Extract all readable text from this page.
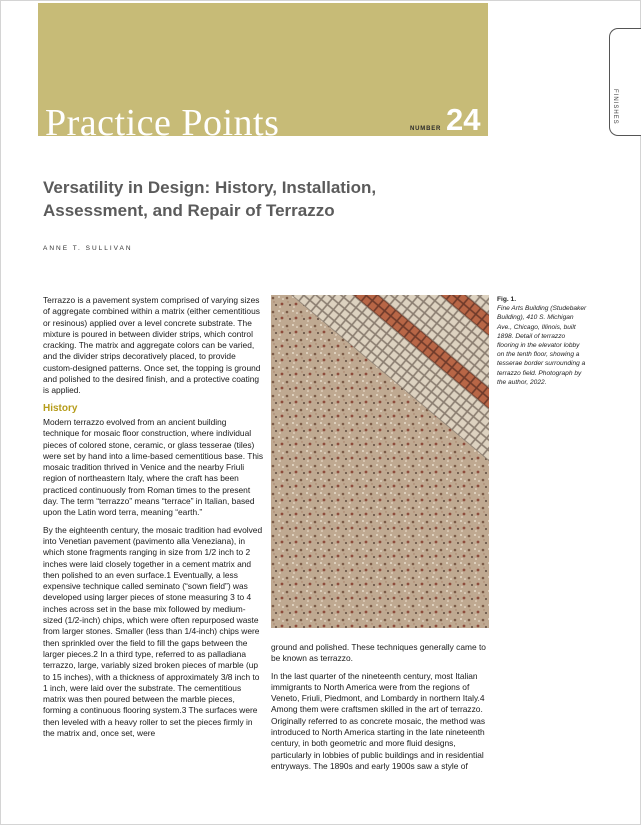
Practice Points	NUMBER 24	FINISHES
Versatility in Design: History, Installation, Assessment, and Repair of Terrazzo
ANNE T. SULLIVAN

Terrazzo is a pavement system comprised of varying sizes of aggregate combined within a matrix (either cementitious or resinous) applied over a level concrete substrate. The mixture is poured in between divider strips, which control cracking. The matrix and aggregate colors can be varied, and the divider strips decoratively placed, to provide custom-designed patterns. Once set, the topping is ground and polished to the desired finish, and a protective coating is applied.

History

Modern terrazzo evolved from an ancient building technique for mosaic floor construction, where individual pieces of colored stone, ceramic, or glass tesserae (tiles) were set by hand into a lime-based cementitious base. This mosaic tradition thrived in Venice and the nearby Friuli region of northeastern Italy, where the craft has been practiced continuously from Roman times to the present day. The term “terrazzo” means “terrace” in Italian, based upon the Latin word terra, meaning “earth.”

By the eighteenth century, the mosaic tradition had evolved into Venetian pavement (pavimento alla Veneziana), in which stone fragments ranging in size from 1/2 inch to 2 inches were laid closely together in a cement matrix and then polished to an even surface.1 Eventually, a less expensive technique called seminato (“sown field”) was developed using larger pieces of stone measuring 3 to 4 inches across set in the base mix followed by medium-sized (1/2-inch) chips, which were often repurposed waste from larger stones. Smaller (less than 1/4-inch) chips were then sprinkled over the field to fill the gaps between the larger pieces.2 In a third type, referred to as palladiana terrazzo, large, variably sized broken pieces of marble (up to 15 inches), with a thickness of approximately 3/8 inch to 1 inch, were laid over the substrate. The cementitious matrix was then poured between the marble pieces, forming a continuous flooring system.3 The surfaces were then leveled with a heavy roller to set the pieces firmly in the matrix and, once set, were

Fig. 1.
Fine Arts Building (Studebaker Building), 410 S. Michigan Ave., Chicago, Illinois, built 1898. Detail of terrazzo flooring in the elevator lobby on the tenth floor, showing a tesserae border surrounding a terrazzo field. Photograph by the author, 2022.

ground and polished. These techniques generally came to be known as terrazzo.

In the last quarter of the nineteenth century, most Italian immigrants to North America were from the regions of Veneto, Friuli, Piedmont, and Lombardy in northern Italy.4 Among them were craftsmen skilled in the art of terrazzo. Originally referred to as concrete mosaic, the method was introduced to North America starting in the late nineteenth century, in both geometric and more fluid designs, particularly in lobbies of public buildings and in residential entryways. The 1890s and early 1900s saw a style of
